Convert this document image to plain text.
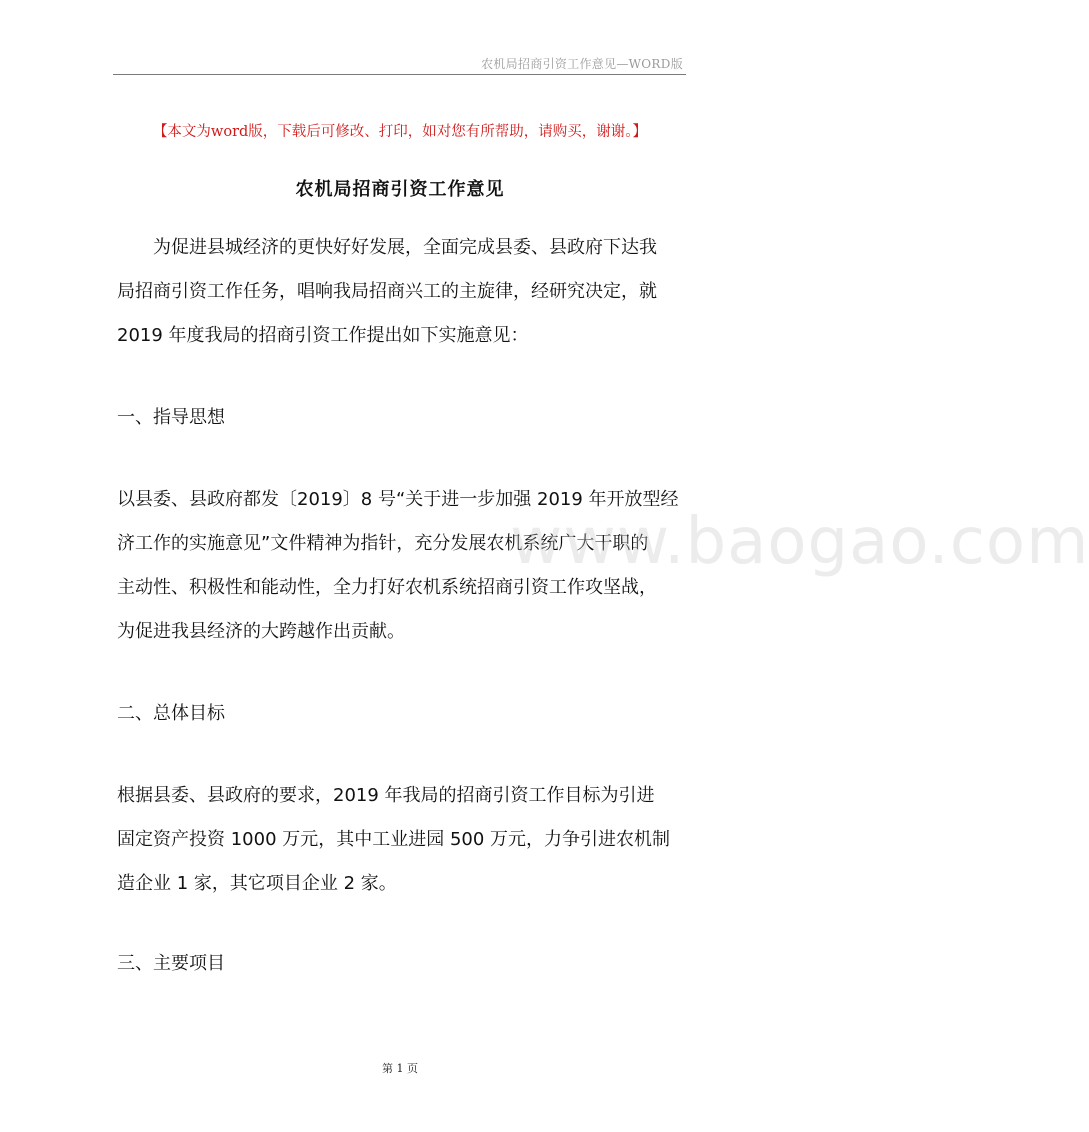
农机局招商引资工作意见—WORD版
【本文为word版，下载后可修改、打印，如对您有所帮助，请购买，谢谢。】
农机局招商引资工作意见
为促进县城经济的更快好好发展，全面完成县委、县政府下达我
局招商引资工作任务，唱响我局招商兴工的主旋律，经研究决定，就
2019 年度我局的招商引资工作提出如下实施意见：
一、指导思想
以县委、县政府都发〔2019〕8 号“关于进一步加强 2019 年开放型经
济工作的实施意见”文件精神为指针，充分发展农机系统广大干职的
主动性、积极性和能动性，全力打好农机系统招商引资工作攻坚战，
为促进我县经济的大跨越作出贡献。
二、总体目标
根据县委、县政府的要求，2019 年我局的招商引资工作目标为引进
固定资产投资 1000 万元，其中工业进园 500 万元，力争引进农机制
造企业 1 家，其它项目企业 2 家。
三、主要项目
www.baogao.com
第 1 页
